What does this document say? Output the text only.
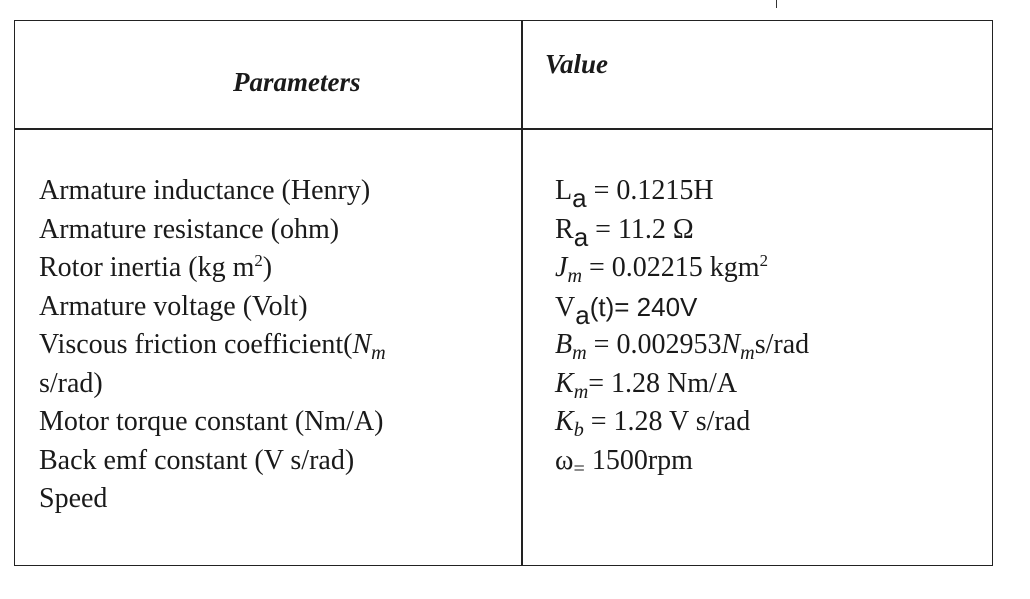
Parameters
Value
Armature inductance (Henry)
Armature resistance (ohm)
Rotor inertia (kg $m^2$)
Armature voltage (Volt)
Viscous friction $coefficient(N_m$
s/rad)
Motor torque constant (Nm/A)
Back emf constant (V s/rad)
Speed
$L_a = 0.1215H$
$R_a = 11.2$ Ω
$J_m = 0.02215$ kgm$^2$
$V_a(t)= 240V$
$B_m = 0.002953N_ms/rad$
$K_m= 1.28$ Nm/A
$K_b = 1.28$ V s/rad
$\omega_=$ 1500rpm
